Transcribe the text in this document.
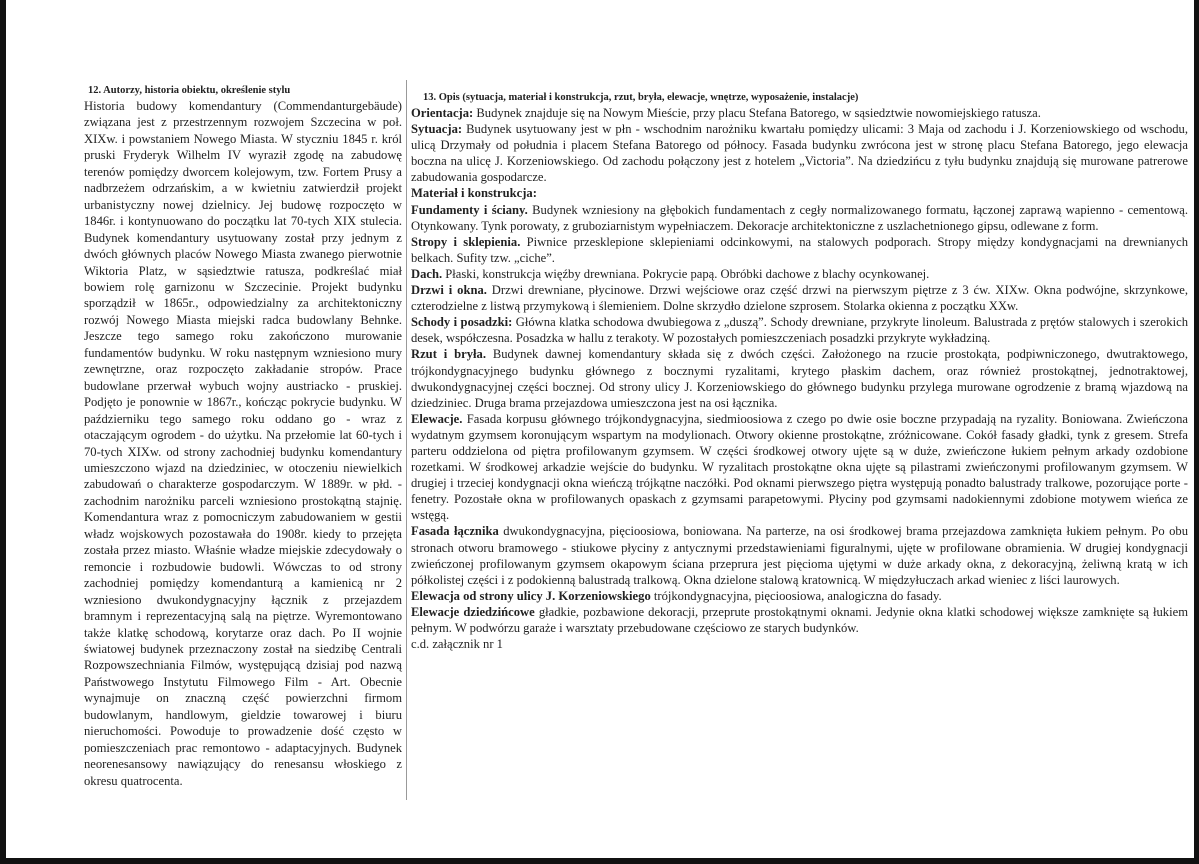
12. Autorzy, historia obiektu, określenie stylu

Historia budowy komendantury (Commendanturgebäude) związana jest z przestrzennym rozwojem Szczecina w poł. XIXw. i powstaniem Nowego Miasta. W styczniu 1845 r. król pruski Fryderyk Wilhelm IV wyraził zgodę na zabudowę terenów pomiędzy dworcem kolejowym, tzw. Fortem Prusy a nadbrzeżem odrzańskim, a w kwietniu zatwierdził projekt urbanistyczny nowej dzielnicy. Jej budowę rozpoczęto w 1846r. i kontynuowano do początku lat 70-tych XIX stulecia. Budynek komendantury usytuowany został przy jednym z dwóch głównych placów Nowego Miasta zwanego pierwotnie Wiktoria Platz, w sąsiedztwie ratusza, podkreślać miał bowiem rolę garnizonu w Szczecinie. Projekt budynku sporządził w 1865r., odpowiedzialny za architektoniczny rozwój Nowego Miasta miejski radca budowlany Behnke. Jeszcze tego samego roku zakończono murowanie fundamentów budynku. W roku następnym wzniesiono mury zewnętrzne, oraz rozpoczęto zakładanie stropów. Prace budowlane przerwał wybuch wojny austriacko - pruskiej. Podjęto je ponownie w 1867r., kończąc pokrycie budynku. W październiku tego samego roku oddano go - wraz z otaczającym ogrodem - do użytku. Na przełomie lat 60-tych i 70-tych XIXw. od strony zachodniej budynku komendantury umieszczono wjazd na dziedziniec, w otoczeniu niewielkich zabudowań o charakterze gospodarczym. W 1889r. w płd. - zachodnim narożniku parceli wzniesiono prostokątną stajnię. Komendantura wraz z pomocniczym zabudowaniem w gestii władz wojskowych pozostawała do 1908r. kiedy to przejęta została przez miasto. Właśnie władze miejskie zdecydowały o remoncie i rozbudowie budowli. Wówczas to od strony zachodniej pomiędzy komendanturą a kamienicą nr 2 wzniesiono dwukondygnacyjny łącznik z przejazdem bramnym i reprezentacyjną salą na piętrze. Wyremontowano także klatkę schodową, korytarze oraz dach. Po II wojnie światowej budynek przeznaczony został na siedzibę Centrali Rozpowszechniania Filmów, występującą dzisiaj pod nazwą Państwowego Instytutu Filmowego Film - Art. Obecnie wynajmuje on znaczną część powierzchni firmom budowlanym, handlowym, gieldzie towarowej i biuru nieruchomości. Powoduje to prowadzenie dość często w pomieszczeniach prac remontowo - adaptacyjnych. Budynek neorenesansowy nawiązujący do renesansu włoskiego z okresu quatrocenta.

13. Opis (sytuacja, materiał i konstrukcja, rzut, bryła, elewacje, wnętrze, wyposażenie, instalacje)

Orientacja: Budynek znajduje się na Nowym Mieście, przy placu Stefana Batorego, w sąsiedztwie nowomiejskiego ratusza.

Sytuacja: Budynek usytuowany jest w płn - wschodnim narożniku kwartału pomiędzy ulicami: 3 Maja od zachodu i J. Korzeniowskiego od wschodu, ulicą Drzymały od południa i placem Stefana Batorego od północy. Fasada budynku zwrócona jest w stronę placu Stefana Batorego, jego elewacja boczna na ulicę J. Korzeniowskiego. Od zachodu połączony jest z hotelem „Victoria”. Na dziedzińcu z tyłu budynku znajdują się murowane patrerowe zabudowania gospodarcze.

Materiał i konstrukcja:

Fundamenty i ściany. Budynek wzniesiony na głębokich fundamentach z cegły normalizowanego formatu, łączonej zaprawą wapienno - cementową. Otynkowany. Tynk porowaty, z gruboziarnistym wypełniaczem. Dekoracje architektoniczne z uszlachetnionego gipsu, odlewane z form.

Stropy i sklepienia. Piwnice przesklepione sklepieniami odcinkowymi, na stalowych podporach. Stropy między kondygnacjami na drewnianych belkach. Sufity tzw. „ciche”.

Dach. Płaski, konstrukcja więźby drewniana. Pokrycie papą. Obróbki dachowe z blachy ocynkowanej.

Drzwi i okna. Drzwi drewniane, płycinowe. Drzwi wejściowe oraz część drzwi na pierwszym piętrze z 3 ćw. XIXw. Okna podwójne, skrzynkowe, czterodzielne z listwą przymykową i ślemieniem. Dolne skrzydło dzielone szprosem. Stolarka okienna z początku XXw.

Schody i posadzki: Główna klatka schodowa dwubiegowa z „duszą”. Schody drewniane, przykryte linoleum. Balustrada z prętów stalowych i szerokich desek, współczesna. Posadzka w hallu z terakoty. W pozostałych pomieszczeniach posadzki przykryte wykładziną.

Rzut i bryła. Budynek dawnej komendantury składa się z dwóch części. Założonego na rzucie prostokąta, podpiwniczonego, dwutraktowego, trójkondygnacyjnego budynku głównego z bocznymi ryzalitami, krytego płaskim dachem, oraz również prostokątnej, jednotraktowej, dwukondygnacyjnej części bocznej. Od strony ulicy J. Korzeniowskiego do głównego budynku przylega murowane ogrodzenie z bramą wjazdową na dziedziniec. Druga brama przejazdowa umieszczona jest na osi łącznika.

Elewacje. Fasada korpusu głównego trójkondygnacyjna, siedmioosiowa z czego po dwie osie boczne przypadają na ryzality. Boniowana. Zwieńczona wydatnym gzymsem koronującym wspartym na modylionach. Otwory okienne prostokątne, zróżnicowane. Cokół fasady gładki, tynk z gresem. Strefa parteru oddzielona od piętra profilowanym gzymsem. W części środkowej otwory ujęte są w duże, zwieńczone łukiem pełnym arkady ozdobione rozetkami. W środkowej arkadzie wejście do budynku. W ryzalitach prostokątne okna ujęte są pilastrami zwieńczonymi profilowanym gzymsem. W drugiej i trzeciej kondygnacji okna wieńczą trójkątne naczółki. Pod oknami pierwszego piętra występują ponadto balustrady tralkowe, pozorujące porte - fenetry. Pozostałe okna w profilowanych opaskach z gzymsami parapetowymi. Płyciny pod gzymsami nadokiennymi zdobione motywem wieńca ze wstęgą.

Fasada łącznika dwukondygnacyjna, pięcioosiowa, boniowana. Na parterze, na osi środkowej brama przejazdowa zamknięta łukiem pełnym. Po obu stronach otworu bramowego - stiukowe płyciny z antycznymi przedstawieniami figuralnymi, ujęte w profilowane obramienia. W drugiej kondygnacji zwieńczonej profilowanym gzymsem okapowym ściana przeprura jest pięcioma ujętymi w duże arkady okna, z dekoracyjną, żeliwną kratą w ich półkolistej części i z podokienną balustradą tralkową. Okna dzielone stalową kratownicą. W międzyłuczach arkad wieniec z liści laurowych.

Elewacja od strony ulicy J. Korzeniowskiego trójkondygnacyjna, pięcioosiowa, analogiczna do fasady.

Elewacje dziedzińcowe gładkie, pozbawione dekoracji, przeprute prostokątnymi oknami. Jedynie okna klatki schodowej większe zamknięte są łukiem pełnym. W podwórzu garaże i warsztaty przebudowane częściowo ze starych budynków.

c.d. załącznik nr 1
